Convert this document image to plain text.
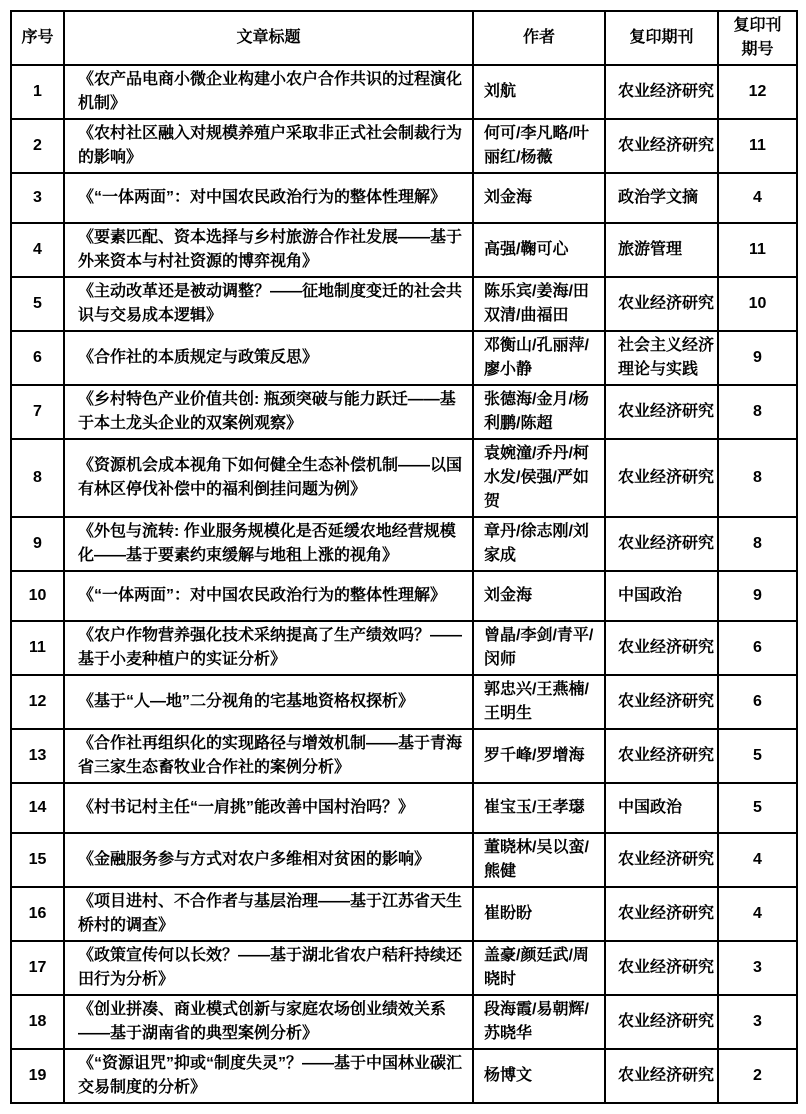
序号	文章标题	作者	复印期刊	复印刊期号
1	《农产品电商小微企业构建小农户合作共识的过程演化机制》	刘航	农业经济研究	12
2	《农村社区融入对规模养殖户采取非正式社会制裁行为的影响》	何可/李凡略/叶丽红/杨薇	农业经济研究	11
3	《“一体两面”：对中国农民政治行为的整体性理解》	刘金海	政治学文摘	4
4	《要素匹配、资本选择与乡村旅游合作社发展——基于外来资本与村社资源的博弈视角》	高强/鞠可心	旅游管理	11
5	《主动改革还是被动调整？——征地制度变迁的社会共识与交易成本逻辑》	陈乐宾/姜海/田双清/曲福田	农业经济研究	10
6	《合作社的本质规定与政策反思》	邓衡山/孔丽萍/廖小静	社会主义经济理论与实践	9
7	《乡村特色产业价值共创: 瓶颈突破与能力跃迁——基于本土龙头企业的双案例观察》	张德海/金月/杨利鹏/陈超	农业经济研究	8
8	《资源机会成本视角下如何健全生态补偿机制——以国有林区停伐补偿中的福利倒挂问题为例》	袁婉潼/乔丹/柯水发/侯强/严如贺	农业经济研究	8
9	《外包与流转: 作业服务规模化是否延缓农地经营规模化——基于要素约束缓解与地租上涨的视角》	章丹/徐志刚/刘家成	农业经济研究	8
10	《“一体两面”：对中国农民政治行为的整体性理解》	刘金海	中国政治	9
11	《农户作物营养强化技术采纳提高了生产绩效吗？——基于小麦种植户的实证分析》	曾晶/李剑/青平/闵师	农业经济研究	6
12	《基于“人—地”二分视角的宅基地资格权探析》	郭忠兴/王燕楠/王明生	农业经济研究	6
13	《合作社再组织化的实现路径与增效机制——基于青海省三家生态畜牧业合作社的案例分析》	罗千峰/罗增海	农业经济研究	5
14	《村书记村主任“一肩挑”能改善中国村治吗？》	崔宝玉/王孝璱	中国政治	5
15	《金融服务参与方式对农户多维相对贫困的影响》	董晓林/吴以蛮/熊健	农业经济研究	4
16	《项目进村、不合作者与基层治理——基于江苏省天生桥村的调查》	崔盼盼	农业经济研究	4
17	《政策宣传何以长效？——基于湖北省农户秸秆持续还田行为分析》	盖豪/颜廷武/周晓时	农业经济研究	3
18	《创业拼凑、商业模式创新与家庭农场创业绩效关系——基于湖南省的典型案例分析》	段海霞/易朝辉/苏晓华	农业经济研究	3
19	《“资源诅咒”抑或“制度失灵”？——基于中国林业碳汇交易制度的分析》	杨博文	农业经济研究	2
